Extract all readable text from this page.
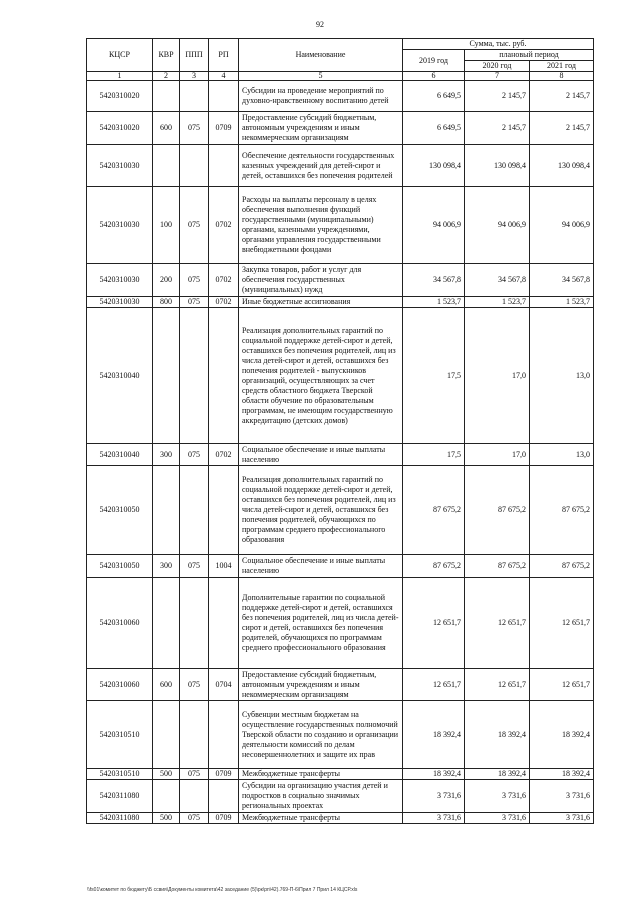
92
КЦСР	КВР	ППП	РП	Наименование	Сумма, тыс. руб.		
					2019 год	плановый период	
						2020 год	2021 год
1	2	3	4	5	6	7	8
5420310020				Субсидии на проведение мероприятий по духовно-нравственному воспитанию детей	6 649,5	2 145,7	2 145,7
5420310020	600	075	0709	Предоставление субсидий бюджетным, автономным учреждениям и иным некоммерческим организациям	6 649,5	2 145,7	2 145,7
5420310030				Обеспечение деятельности государственных казенных учреждений для детей-сирот и детей, оставшихся без попечения родителей	130 098,4	130 098,4	130 098,4
5420310030	100	075	0702	Расходы на выплаты персоналу в целях обеспечения выполнения функций государственными (муниципальными) органами, казенными учреждениями, органами управления государственными внебюджетными фондами	94 006,9	94 006,9	94 006,9
5420310030	200	075	0702	Закупка товаров, работ и услуг для обеспечения государственных (муниципальных) нужд	34 567,8	34 567,8	34 567,8
5420310030	800	075	0702	Иные бюджетные ассигнования	1 523,7	1 523,7	1 523,7
5420310040				Реализация дополнительных гарантий по социальной поддержке детей-сирот и детей, оставшихся без попечения родителей, лиц из числа детей-сирот и детей, оставшихся без попечения родителей - выпускников организаций, осуществляющих за счет средств областного бюджета Тверской области обучение по образовательным программам, не имеющим государственную аккредитацию (детских домов)	17,5	17,0	13,0
5420310040	300	075	0702	Социальное обеспечение и иные выплаты населению	17,5	17,0	13,0
5420310050				Реализация дополнительных гарантий по социальной поддержке детей-сирот и детей, оставшихся без попечения родителей, лиц из числа детей-сирот и детей, оставшихся без попечения родителей, обучающихся по программам среднего профессионального образования	87 675,2	87 675,2	87 675,2
5420310050	300	075	1004	Социальное обеспечение и иные выплаты населению	87 675,2	87 675,2	87 675,2
5420310060				Дополнительные гарантии по социальной поддержке детей-сирот и детей, оставшихся без попечения родителей, лиц из числа детей-сирот и детей, оставшихся без попечения родителей, обучающихся по программам среднего профессионального образования	12 651,7	12 651,7	12 651,7
5420310060	600	075	0704	Предоставление субсидий бюджетным, автономным учреждениям и иным некоммерческим организациям	12 651,7	12 651,7	12 651,7
5420310510				Субвенции местным бюджетам на осуществление государственных полномочий Тверской области по созданию и организации деятельности комиссий по делам несовершеннолетних и защите их прав	18 392,4	18 392,4	18 392,4
5420310510	500	075	0709	Межбюджетные трансферты	18 392,4	18 392,4	18 392,4
5420311080				Субсидии на организацию участия детей и подростков в социально значимых региональных проектах	3 731,6	3 731,6	3 731,6
5420311080	500	075	0709	Межбюджетные трансферты	3 731,6	3 731,6	3 731,6
\\fs01\комитет по бюджету\Б ссвия\Документы комитета\42 заседание (5)\рк\рп\42).769-П-6\Прил 7 Прил 14 КЦСР.xls
